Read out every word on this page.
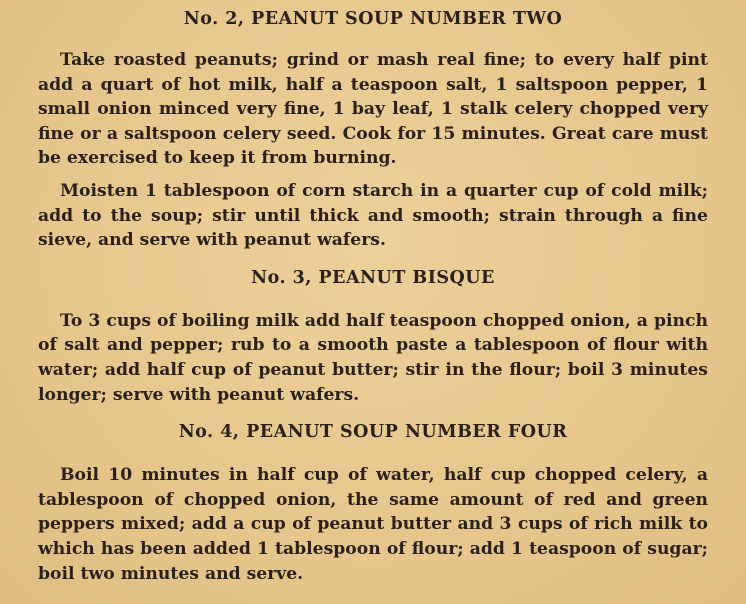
No. 2, PEANUT SOUP NUMBER TWO

Take roasted peanuts; grind or mash real fine; to every half pint add a quart of hot milk, half a teaspoon salt, 1 saltspoon pepper, 1 small onion minced very fine, 1 bay leaf, 1 stalk celery chopped very fine or a saltspoon celery seed. Cook for 15 minutes. Great care must be exercised to keep it from burning.

Moisten 1 tablespoon of corn starch in a quarter cup of cold milk; add to the soup; stir until thick and smooth; strain through a fine sieve, and serve with peanut wafers.

No. 3, PEANUT BISQUE

To 3 cups of boiling milk add half teaspoon chopped onion, a pinch of salt and pepper; rub to a smooth paste a tablespoon of flour with water; add half cup of peanut butter; stir in the flour; boil 3 minutes longer; serve with peanut wafers.

No. 4, PEANUT SOUP NUMBER FOUR

Boil 10 minutes in half cup of water, half cup chopped celery, a tablespoon of chopped onion, the same amount of red and green peppers mixed; add a cup of peanut butter and 3 cups of rich milk to which has been added 1 tablespoon of flour; add 1 teaspoon of sugar; boil two minutes and serve.
